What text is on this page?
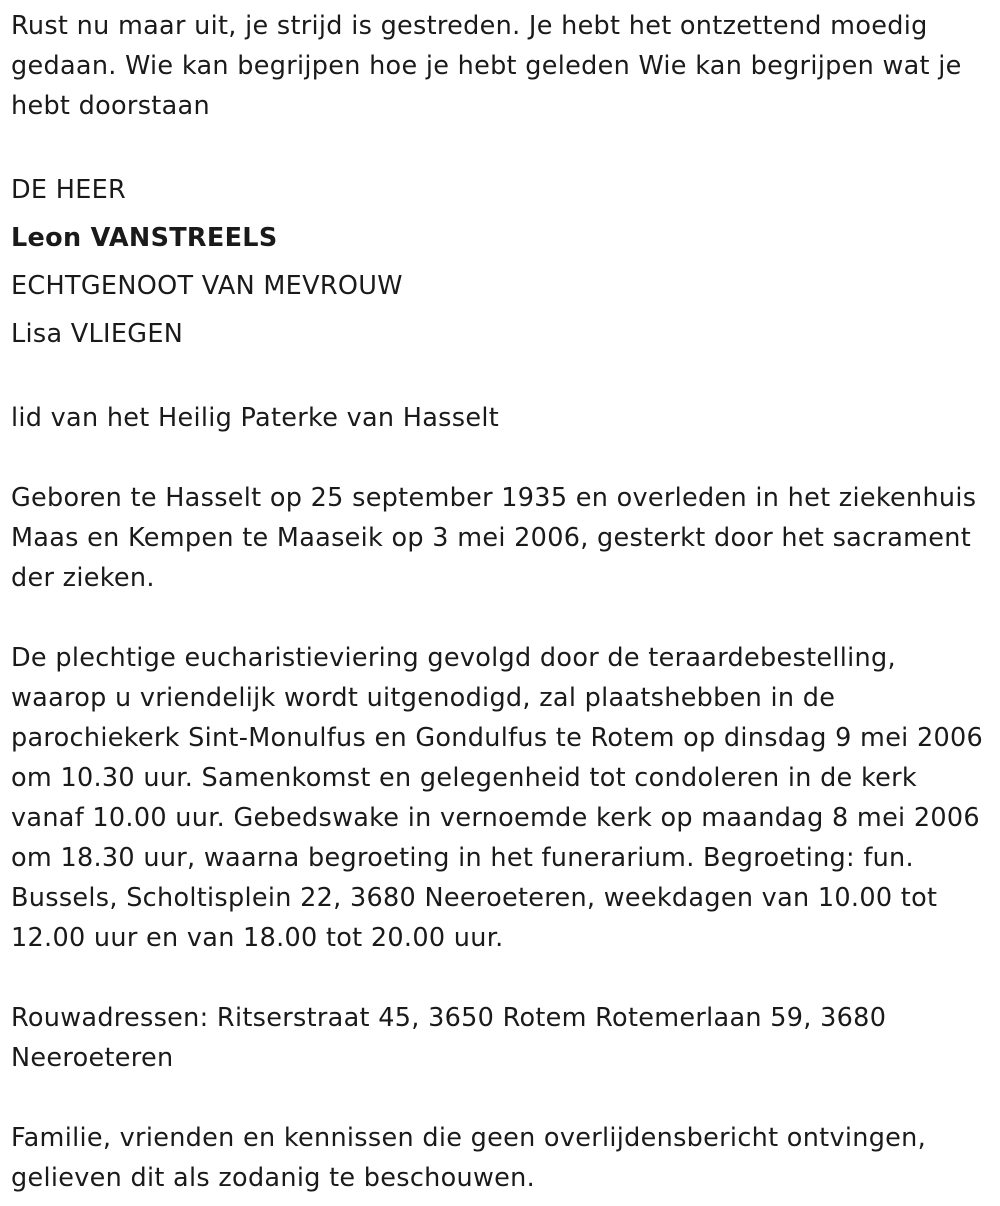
Rust nu maar uit, je strijd is gestreden. Je hebt het ontzettend moedig gedaan. Wie kan begrijpen hoe je hebt geleden Wie kan begrijpen wat je hebt doorstaan

DE HEER
Leon VANSTREELS
ECHTGENOOT VAN MEVROUW
Lisa VLIEGEN

lid van het Heilig Paterke van Hasselt

Geboren te Hasselt op 25 september 1935 en overleden in het ziekenhuis Maas en Kempen te Maaseik op 3 mei 2006, gesterkt door het sacrament der zieken.

De plechtige eucharistieviering gevolgd door de teraardebestelling, waarop u vriendelijk wordt uitgenodigd, zal plaatshebben in de parochiekerk Sint-Monulfus en Gondulfus te Rotem op dinsdag 9 mei 2006 om 10.30 uur. Samenkomst en gelegenheid tot condoleren in de kerk vanaf 10.00 uur. Gebedswake in vernoemde kerk op maandag 8 mei 2006 om 18.30 uur, waarna begroeting in het funerarium. Begroeting: fun. Bussels, Scholtisplein 22, 3680 Neeroeteren, weekdagen van 10.00 tot 12.00 uur en van 18.00 tot 20.00 uur.

Rouwadressen: Ritserstraat 45, 3650 Rotem Rotemerlaan 59, 3680 Neeroeteren

Familie, vrienden en kennissen die geen overlijdensbericht ontvingen, gelieven dit als zodanig te beschouwen.
